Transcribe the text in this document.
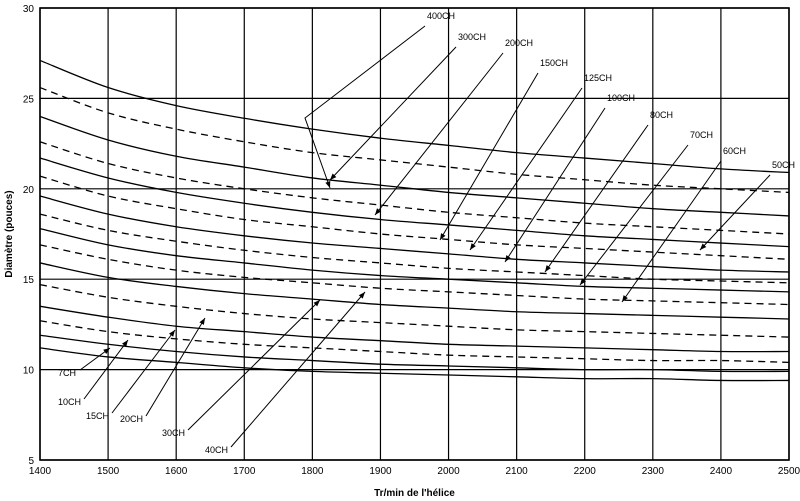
400CH
300CH
200CH
150CH
125CH
100CH
80CH
70CH
60CH
50CH
7CH
10CH
15CH 20CH
30CH
40CH
1400	1500	1600	1700	1800	1900	2000	2100	2200	2300	2400	2500
5
10
15
20
25
30
Tr/min de l'hélice
Diamètre (pouces)
